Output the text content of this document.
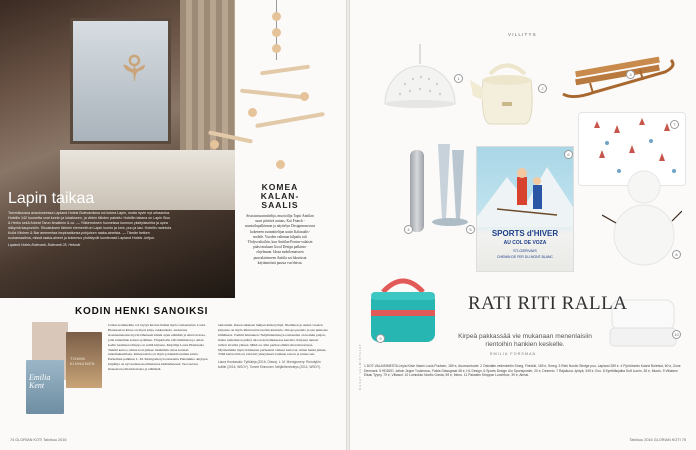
⚘
Lapin taikaa
Tammikuussa avautuneessa Lapland Hotels Bulevardissa voi kokea Lapin, mutta hyvin nyt urbaanina. Hotellin 142 huonetta ovat lunnin ja luksikseen, ja viiden tähden palvelu: Hotellin takana on Lapin Sisu & Herko sekä Arkeat Tarun Ilmatimin & co. — Yläkerroksen huoneissa luonnon yksityiskohtia ja upea näkymä kaupunkiin. Sisustuksen tärkein elementti on Lapin luonto ja lumi, puu ja lasi. Hotellin ravintola Kultá Kitchen & Bar ammentaa inspiraationsa pohjoisen raaka-aineista. — Tämän hetken ruokamaailma, missä raaka-aineet ja kokemus yhdistyvät luontevasti Lapland Hotels -ketjun.
Lapland Hotels Bulevardi, Bulevardi 28, Helsinki
KOMEA KALAN-SAALIS
Sisustussuunnittelija, muotoilija Tapio Anttilan suuri piirtävä uutuus, Kui Franck -muotoilupalkinnon ja näyttelyn Designmuseossa kokeneen suunnittelijan uusin Kalasaalis-mobile. Vuoden valinnan kilpailu tuli Yhdysvaltoihin, kun Anttilan Pontus-valaisin pääsi mukaan Good Design palkinto- ohjelmaan. Ideaa mobilemaiseen puuvalaisimeen Anttila sai lukuisista käytännöistä puusta vuo'deista.
KODIN HENKI SANOIKSI
TOMMI KINNUNEN
Emilia Kent
Joskus kotiunelma voi löytyä kuvien lisäksi myös romaaneista. Laura Honkasalon Kissa on myös kirja, rakkaudesta -teoksessa sisustusinnostus hyvin läheisesti kiinni arjen elämään ja siinä tavassa, jolla tuntemme kotien sydämen. Ympäristön elävöittämisen ja oman kodin luomisen tärkeys on esillä kirjassa. Kirjailija Laura Honkasalo Tammi kertoo, miten koti pääsee lisäämään omaa kotiaan tuntemukselllaan. Kiinnostavia on myös joidenkin tuntien kuvia. Perhelinta-palkitun L. M. Montgomeryn rakastettu Punatukka -kirjojen kirjailija on nyt uudessa kotimaisessa käännöksessä. Teos kertoo monesta kodin historiasta ja elämästä.
tamoinnin. Kuten aikuisen lukijan Runotyttöjä, Nieminen ja uuden vuoden kirjoissa on myös kiinnostavia kotiin kuuluvia. Ottopo-puutalo ja sen pinkoisa hiiliäkerta. Tommi Kinnunen: Neljäntienristeys-romaanina on kotiutu paljon, mutta tuntematon päätyi taloon kertomuksessa kerralla. Kirjassa tunteet tulivat sivuilta yhteen. Mikä on ollut perhen elämä talon historiassa. Myöhemmin myös Kinnunen perheensä vaiheet kertovat, miten henki jatkuu. Tällä kertaa hän on vahvasti yhteydessä vanhaan taloon ja tuntee sen.
Laura Honkasalo: Tyttökirja (2016, Otava). L. M. Montgomery: Runotytön kotitie (2016, WSOY). Tommi Kinnunen: Neljäntienristeys (2014, WSOY).
74 GLORIAN KOTI Talvikuu 2016
VILLITYS
SPORTS d'HIVER
AU COL DE VOZA
ST-GERVAIS
CHEMIN DE FER DU MONT-BLANC
RATI RITI RALLA
Kirpeä pakkassää vie mukanaan menenlaisiin rientoihin hankien keskelle.
EMILIA FORSMAN
1
2
3
4	5
6
7
8
9
10
1 DOT-VALAISIMESTA Leyla Köse Ihasin Louis Poulsen, 189 e, Asunnontuote. 2 Ostolaite vedenkeitin Smeg, Finnikki, 169 e, Smeg. 3 Reki Nordic Sledge puu, Lapland 289 e. 4 Pyörötumin Kaarvi Boletsut, 60 e, Zone Denmark. 5 HDDED -tolloin Jeppe Tuulensuu, Fakta Glassgraat 48 e, HL Design. 6 Sports Design Ulu Sportsposter, 20 e, Desenio. 7 Rajakuva -lyhtyä, 349 e, Eco. 8 Kynttilänjalka Soft Lumin, 36 e, Muuto. 9 Villaisen Eikan Tyyny, 79 e, Villawol. 10 Lumiukko Nordic Garda, 59 e, Menu. 11 Pakastin Shoppar Lunchbox, 39 e, Alessi.
KUVAT VALMISTAJAT
Talvikuu 2016 GLORIAN KOTI 75
